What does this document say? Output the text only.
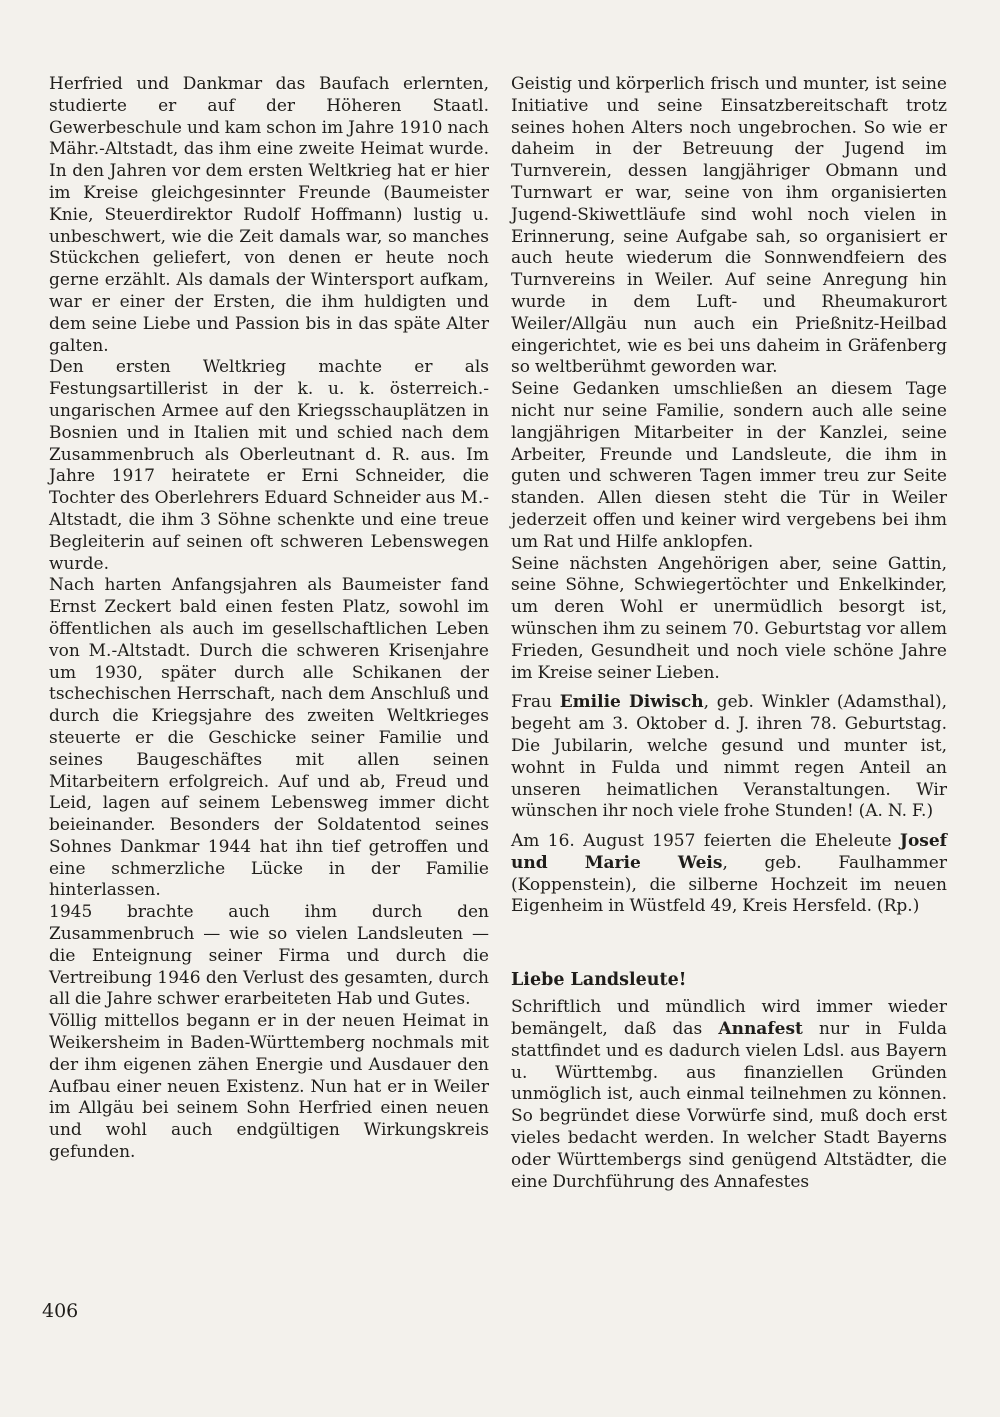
Herfried und Dankmar das Baufach erlernten, studierte er auf der Höheren Staatl. Gewerbeschule und kam schon im Jahre 1910 nach Mähr.-Altstadt, das ihm eine zweite Heimat wurde. In den Jahren vor dem ersten Weltkrieg hat er hier im Kreise gleichgesinnter Freunde (Baumeister Knie, Steuerdirektor Rudolf Hoffmann) lustig u. unbeschwert, wie die Zeit damals war, so manches Stückchen geliefert, von denen er heute noch gerne erzählt. Als damals der Wintersport aufkam, war er einer der Ersten, die ihm huldigten und dem seine Liebe und Passion bis in das späte Alter galten.

Den ersten Weltkrieg machte er als Festungsartillerist in der k. u. k. österreich.-ungarischen Armee auf den Kriegsschauplätzen in Bosnien und in Italien mit und schied nach dem Zusammenbruch als Oberleutnant d. R. aus. Im Jahre 1917 heiratete er Erni Schneider, die Tochter des Oberlehrers Eduard Schneider aus M.-Altstadt, die ihm 3 Söhne schenkte und eine treue Begleiterin auf seinen oft schweren Lebenswegen wurde.

Nach harten Anfangsjahren als Baumeister fand Ernst Zeckert bald einen festen Platz, sowohl im öffentlichen als auch im gesellschaftlichen Leben von M.-Altstadt. Durch die schweren Krisenjahre um 1930, später durch alle Schikanen der tschechischen Herrschaft, nach dem Anschluß und durch die Kriegsjahre des zweiten Weltkrieges steuerte er die Geschicke seiner Familie und seines Baugeschäftes mit allen seinen Mitarbeitern erfolgreich. Auf und ab, Freud und Leid, lagen auf seinem Lebensweg immer dicht beieinander. Besonders der Soldatentod seines Sohnes Dankmar 1944 hat ihn tief getroffen und eine schmerzliche Lücke in der Familie hinterlassen.

1945 brachte auch ihm durch den Zusammenbruch — wie so vielen Landsleuten — die Enteignung seiner Firma und durch die Vertreibung 1946 den Verlust des gesamten, durch all die Jahre schwer erarbeiteten Hab und Gutes.

Völlig mittellos begann er in der neuen Heimat in Weikersheim in Baden-Württemberg nochmals mit der ihm eigenen zähen Energie und Ausdauer den Aufbau einer neuen Existenz. Nun hat er in Weiler im Allgäu bei seinem Sohn Herfried einen neuen und wohl auch endgültigen Wirkungskreis gefunden.

Geistig und körperlich frisch und munter, ist seine Initiative und seine Einsatzbereitschaft trotz seines hohen Alters noch ungebrochen. So wie er daheim in der Betreuung der Jugend im Turnverein, dessen langjähriger Obmann und Turnwart er war, seine von ihm organisierten Jugend-Skiwettläufe sind wohl noch vielen in Erinnerung, seine Aufgabe sah, so organisiert er auch heute wiederum die Sonnwendfeiern des Turnvereins in Weiler. Auf seine Anregung hin wurde in dem Luft- und Rheumakurort Weiler/Allgäu nun auch ein Prießnitz-Heilbad eingerichtet, wie es bei uns daheim in Gräfenberg so weltberühmt geworden war.

Seine Gedanken umschließen an diesem Tage nicht nur seine Familie, sondern auch alle seine langjährigen Mitarbeiter in der Kanzlei, seine Arbeiter, Freunde und Landsleute, die ihm in guten und schweren Tagen immer treu zur Seite standen. Allen diesen steht die Tür in Weiler jederzeit offen und keiner wird vergebens bei ihm um Rat und Hilfe anklopfen.

Seine nächsten Angehörigen aber, seine Gattin, seine Söhne, Schwiegertöchter und Enkelkinder, um deren Wohl er unermüdlich besorgt ist, wünschen ihm zu seinem 70. Geburtstag vor allem Frieden, Gesundheit und noch viele schöne Jahre im Kreise seiner Lieben.

Frau Emilie Diwisch, geb. Winkler (Adamsthal), begeht am 3. Oktober d. J. ihren 78. Geburtstag. Die Jubilarin, welche gesund und munter ist, wohnt in Fulda und nimmt regen Anteil an unseren heimatlichen Veranstaltungen. Wir wünschen ihr noch viele frohe Stunden! (A. N. F.)

Am 16. August 1957 feierten die Eheleute Josef und Marie Weis, geb. Faulhammer (Koppenstein), die silberne Hochzeit im neuen Eigenheim in Wüstfeld 49, Kreis Hersfeld. (Rp.)

Liebe Landsleute!

Schriftlich und mündlich wird immer wieder bemängelt, daß das Annafest nur in Fulda stattfindet und es dadurch vielen Ldsl. aus Bayern u. Württembg. aus finanziellen Gründen unmöglich ist, auch einmal teilnehmen zu können. So begründet diese Vorwürfe sind, muß doch erst vieles bedacht werden. In welcher Stadt Bayerns oder Württembergs sind genügend Altstädter, die eine Durchführung des Annafestes

406
